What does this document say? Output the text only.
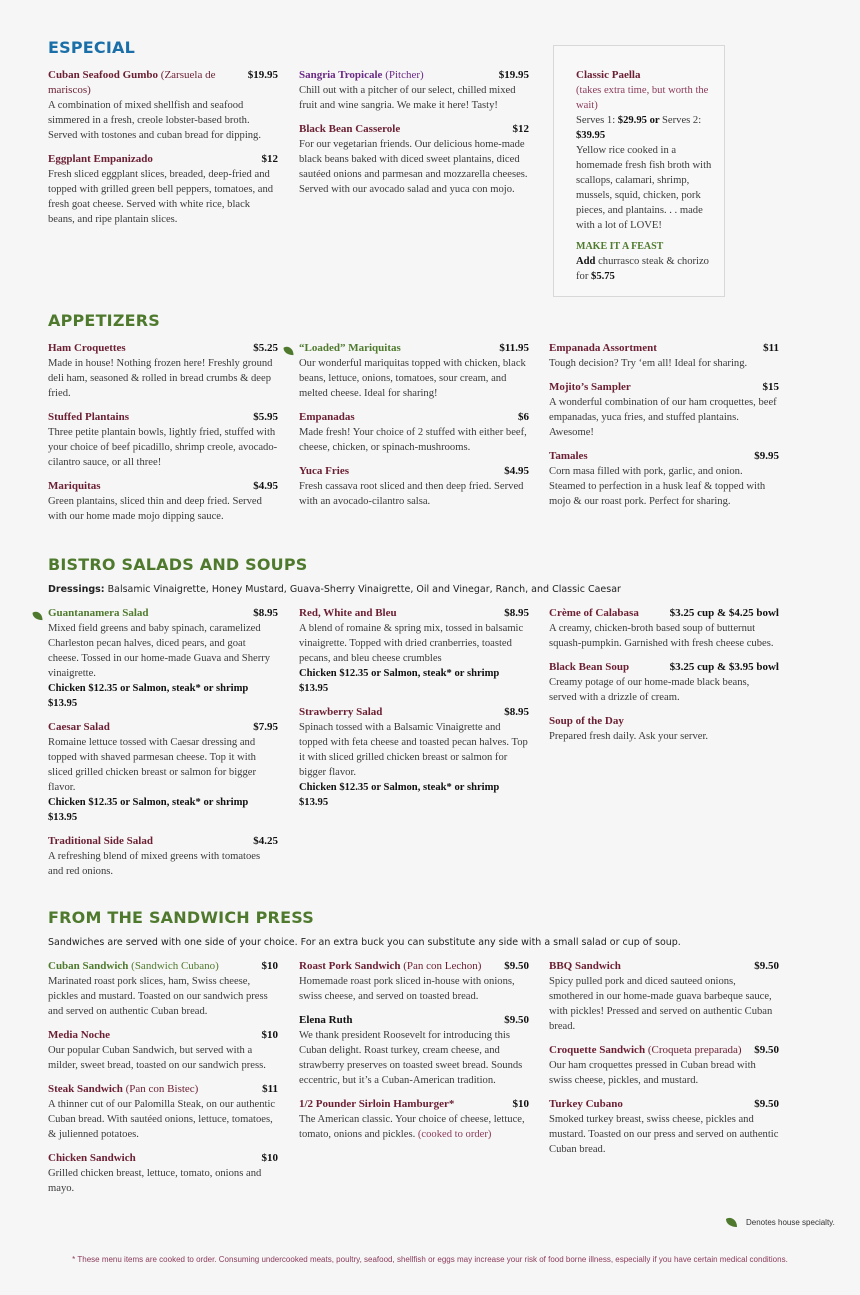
ESPECIAL
Cuban Seafood Gumbo (Zarsuela de mariscos)
$19.95
A combination of mixed shellfish and seafood simmered in a fresh, creole lobster-based broth. Served with tostones and cuban bread for dipping.
Eggplant Empanizado	$12
Fresh sliced eggplant slices, breaded, deep-fried and topped with grilled green bell peppers, tomatoes, and fresh goat cheese. Served with white rice, black beans, and ripe plantain slices.
Sangria Tropicale (Pitcher)	$19.95
Chill out with a pitcher of our select, chilled mixed fruit and wine sangria. We make it here! Tasty!
Black Bean Casserole	$12
For our vegetarian friends. Our delicious home-made black beans baked with diced sweet plantains, diced sautéed onions and parmesan and mozzarella cheeses. Served with our avocado salad and yuca con mojo.
Classic Paella
(takes extra time, but worth the wait)
Serves 1: $29.95 or Serves 2: $39.95
Yellow rice cooked in a homemade fresh fish broth with scallops, calamari, shrimp, mussels, squid, chicken, pork pieces, and plantains. . . made with a lot of LOVE!
MAKE IT A FEAST
Add churrasco steak & chorizo for $5.75
APPETIZERS
Ham Croquettes	$5.25
Made in house! Nothing frozen here! Freshly ground deli ham, seasoned & rolled in bread crumbs & deep fried.
Stuffed Plantains	$5.95
Three petite plantain bowls, lightly fried, stuffed with your choice of beef picadillo, shrimp creole, avocado-cilantro sauce, or all three!
Mariquitas	$4.95
Green plantains, sliced thin and deep fried. Served with our home made mojo dipping sauce.
“Loaded” Mariquitas	$11.95
Our wonderful mariquitas topped with chicken, black beans, lettuce, onions, tomatoes, sour cream, and melted cheese. Ideal for sharing!
Empanadas	$6
Made fresh! Your choice of 2 stuffed with either beef, cheese, chicken, or spinach-mushrooms.
Yuca Fries	$4.95
Fresh cassava root sliced and then deep fried. Served with an avocado-cilantro salsa.
Empanada Assortment	$11
Tough decision? Try ‘em all! Ideal for sharing.
Mojito’s Sampler	$15
A wonderful combination of our ham croquettes, beef empanadas, yuca fries, and stuffed plantains. Awesome!
Tamales	$9.95
Corn masa filled with pork, garlic, and onion. Steamed to perfection in a husk leaf & topped with mojo & our roast pork. Perfect for sharing.
BISTRO SALADS AND SOUPS
Dressings: Balsamic Vinaigrette, Honey Mustard, Guava-Sherry Vinaigrette, Oil and Vinegar, Ranch, and Classic Caesar
Guantanamera Salad	$8.95
Mixed field greens and baby spinach, caramelized Charleston pecan halves, diced pears, and goat cheese. Tossed in our home-made Guava and Sherry vinaigrette.
Chicken $12.35 or Salmon, steak* or shrimp $13.95
Caesar Salad	$7.95
Romaine lettuce tossed with Caesar dressing and topped with shaved parmesan cheese. Top it with sliced grilled chicken breast or salmon for bigger flavor.
Chicken $12.35 or Salmon, steak* or shrimp $13.95
Traditional Side Salad	$4.25
A refreshing blend of mixed greens with tomatoes and red onions.
Red, White and Bleu	$8.95
A blend of romaine & spring mix, tossed in balsamic vinaigrette. Topped with dried cranberries, toasted pecans, and bleu cheese crumbles
Chicken $12.35 or Salmon, steak* or shrimp $13.95
Strawberry Salad	$8.95
Spinach tossed with a Balsamic Vinaigrette and topped with feta cheese and toasted pecan halves. Top it with sliced grilled chicken breast or salmon for bigger flavor.
Chicken $12.35 or Salmon, steak* or shrimp $13.95
Crème of Calabasa	$3.25 cup & $4.25 bowl
A creamy, chicken-broth based soup of butternut squash-pumpkin. Garnished with fresh cheese cubes.
Black Bean Soup	$3.25 cup & $3.95 bowl
Creamy potage of our home-made black beans, served with a drizzle of cream.
Soup of the Day
Prepared fresh daily. Ask your server.
FROM THE SANDWICH PRESS
Sandwiches are served with one side of your choice. For an extra buck you can substitute any side with a small salad or cup of soup.
Cuban Sandwich (Sandwich Cubano)	$10
Marinated roast pork slices, ham, Swiss cheese, pickles and mustard. Toasted on our sandwich press and served on authentic Cuban bread.
Media Noche	$10
Our popular Cuban Sandwich, but served with a milder, sweet bread, toasted on our sandwich press.
Steak Sandwich (Pan con Bistec)	$11
A thinner cut of our Palomilla Steak, on our authentic Cuban bread. With sautéed onions, lettuce, tomatoes, & julienned potatoes.
Chicken Sandwich	$10
Grilled chicken breast, lettuce, tomato, onions and mayo.
Roast Pork Sandwich (Pan con Lechon)	$9.50
Homemade roast pork sliced in-house with onions, swiss cheese, and served on toasted bread.
Elena Ruth	$9.50
We thank president Roosevelt for introducing this Cuban delight. Roast turkey, cream cheese, and strawberry preserves on toasted sweet bread. Sounds eccentric, but it’s a Cuban-American tradition.
1/2 Pounder Sirloin Hamburger*	$10
The American classic. Your choice of cheese, lettuce, tomato, onions and pickles. (cooked to order)
BBQ Sandwich	$9.50
Spicy pulled pork and diced sauteed onions, smothered in our home-made guava barbeque sauce, with pickles! Pressed and served on authentic Cuban bread.
Croquette Sandwich (Croqueta preparada)	$9.50
Our ham croquettes pressed in Cuban bread with swiss cheese, pickles, and mustard.
Turkey Cubano	$9.50
Smoked turkey breast, swiss cheese, pickles and mustard. Toasted on our press and served on authentic Cuban bread.
Denotes house specialty.
* These menu items are cooked to order. Consuming undercooked meats, poultry, seafood, shellfish or eggs may increase your risk of food borne illness, especially if you have certain medical conditions.
